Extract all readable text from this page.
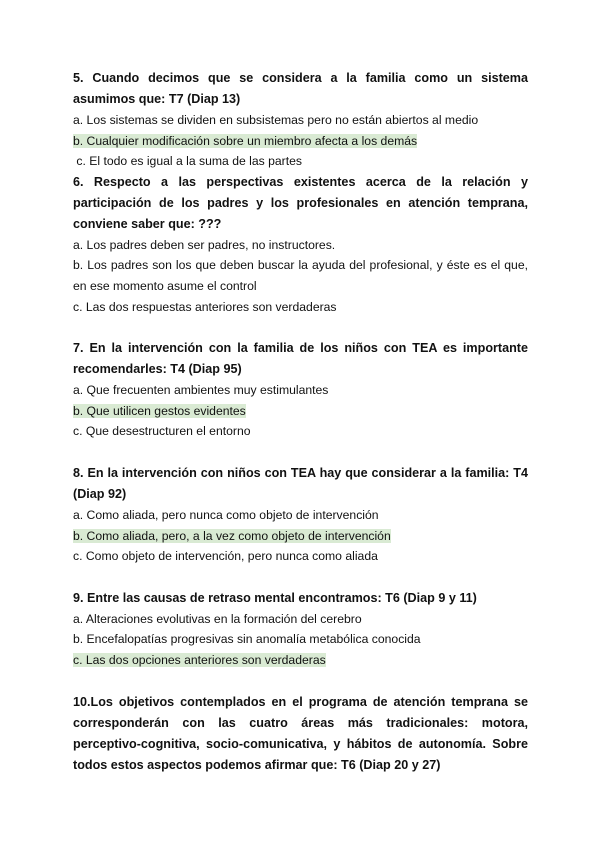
5. Cuando decimos que se considera a la familia como un sistema asumimos que: T7 (Diap 13)

a. Los sistemas se dividen en subsistemas pero no están abiertos al medio

b. Cualquier modificación sobre un miembro afecta a los demás

c. El todo es igual a la suma de las partes

6. Respecto a las perspectivas existentes acerca de la relación y participación de los padres y los profesionales en atención temprana, conviene saber que: ???

a. Los padres deben ser padres, no instructores.

b. Los padres son los que deben buscar la ayuda del profesional, y éste es el que, en ese momento asume el control

c. Las dos respuestas anteriores son verdaderas

7. En la intervención con la familia de los niños con TEA es importante recomendarles: T4 (Diap 95)

a. Que frecuenten ambientes muy estimulantes

b. Que utilicen gestos evidentes

c. Que desestructuren el entorno

8. En la intervención con niños con TEA hay que considerar a la familia: T4 (Diap 92)

a. Como aliada, pero nunca como objeto de intervención

b. Como aliada, pero, a la vez como objeto de intervención

c. Como objeto de intervención, pero nunca como aliada

9. Entre las causas de retraso mental encontramos: T6 (Diap 9 y 11)

a. Alteraciones evolutivas en la formación del cerebro

b. Encefalopatías progresivas sin anomalía metabólica conocida

c. Las dos opciones anteriores son verdaderas

10.Los objetivos contemplados en el programa de atención temprana se corresponderán con las cuatro áreas más tradicionales: motora, perceptivo-cognitiva, socio-comunicativa, y hábitos de autonomía. Sobre todos estos aspectos podemos afirmar que: T6 (Diap 20 y 27)
